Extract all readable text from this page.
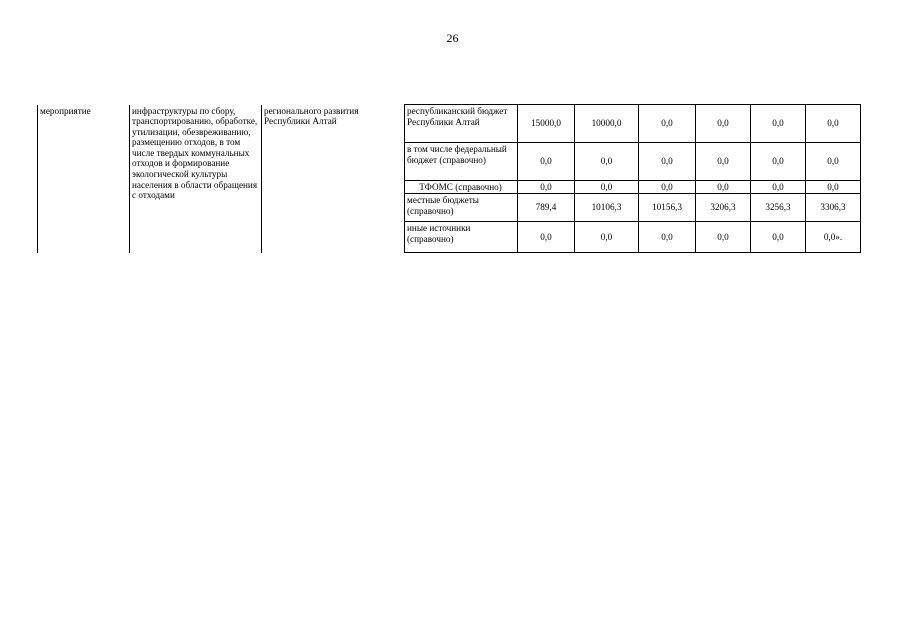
26
мероприятие	инфраструктуры по сбору, транспортированию, обработке, утилизации, обезвреживанию, размещению отходов, в том числе твердых коммунальных отходов и формирование экологической культуры населения в области обращения с отходами	регионального развития Республики Алтай	республиканский бюджет Республики Алтай	15000,0	10000,0	0,0	0,0	0,0	0,0
			в том числе федеральный бюджет (справочно)	0,0	0,0	0,0	0,0	0,0	0,0
			ТФОМС (справочно)	0,0	0,0	0,0	0,0	0,0	0,0
			местные бюджеты (справочно)	789,4	10106,3	10156,3	3206,3	3256,3	3306,3
			иные источники (справочно)	0,0	0,0	0,0	0,0	0,0	0,0».
